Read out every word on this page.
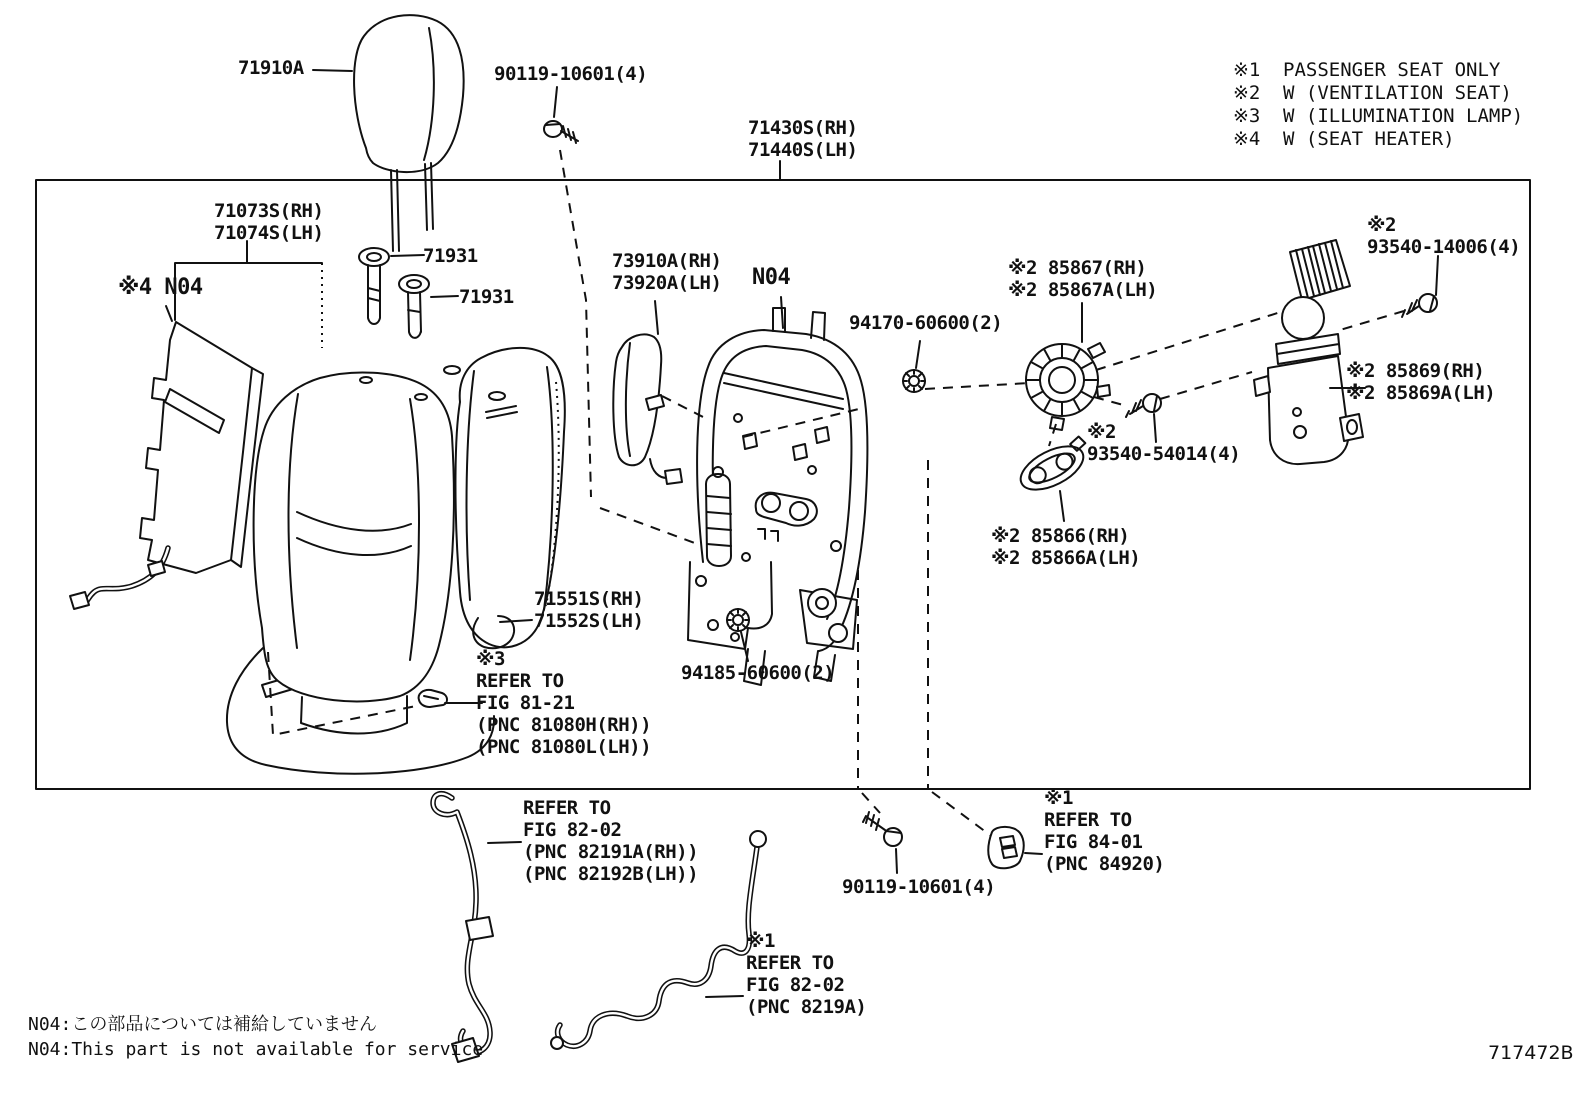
71910A	90119-10601(4)
71430S(RH)
71440S(LH)
71073S(RH)
71074S(LH)
71931
71931
※4 N04
73910A(RH)
73920A(LH) N04
94170-60600(2)
※2 85867(RH)
※2 85867A(LH)
※2
93540-14006(4)
※2 85869(RH)
※2 85869A(LH)
※2
93540-54014(4)
※2 85866(RH)
※2 85866A(LH)
71551S(RH)
71552S(LH)
※3
REFER TO
FIG 81-21
(PNC 81080H(RH))
(PNC 81080L(LH))
94185-60600(2)
REFER TO
FIG 82-02
(PNC 82191A(RH))
(PNC 82192B(LH))
※1
REFER TO
FIG 82-02
(PNC 8219A)
90119-10601(4)
※1
REFER TO
FIG 84-01
(PNC 84920)
※1	PASSENGER SEAT ONLY
※2	W (VENTILATION SEAT)
※3	W (ILLUMINATION LAMP)
※4	W (SEAT HEATER)
N04:この部品については補給していません
N04:This part is not available for service	717472B
